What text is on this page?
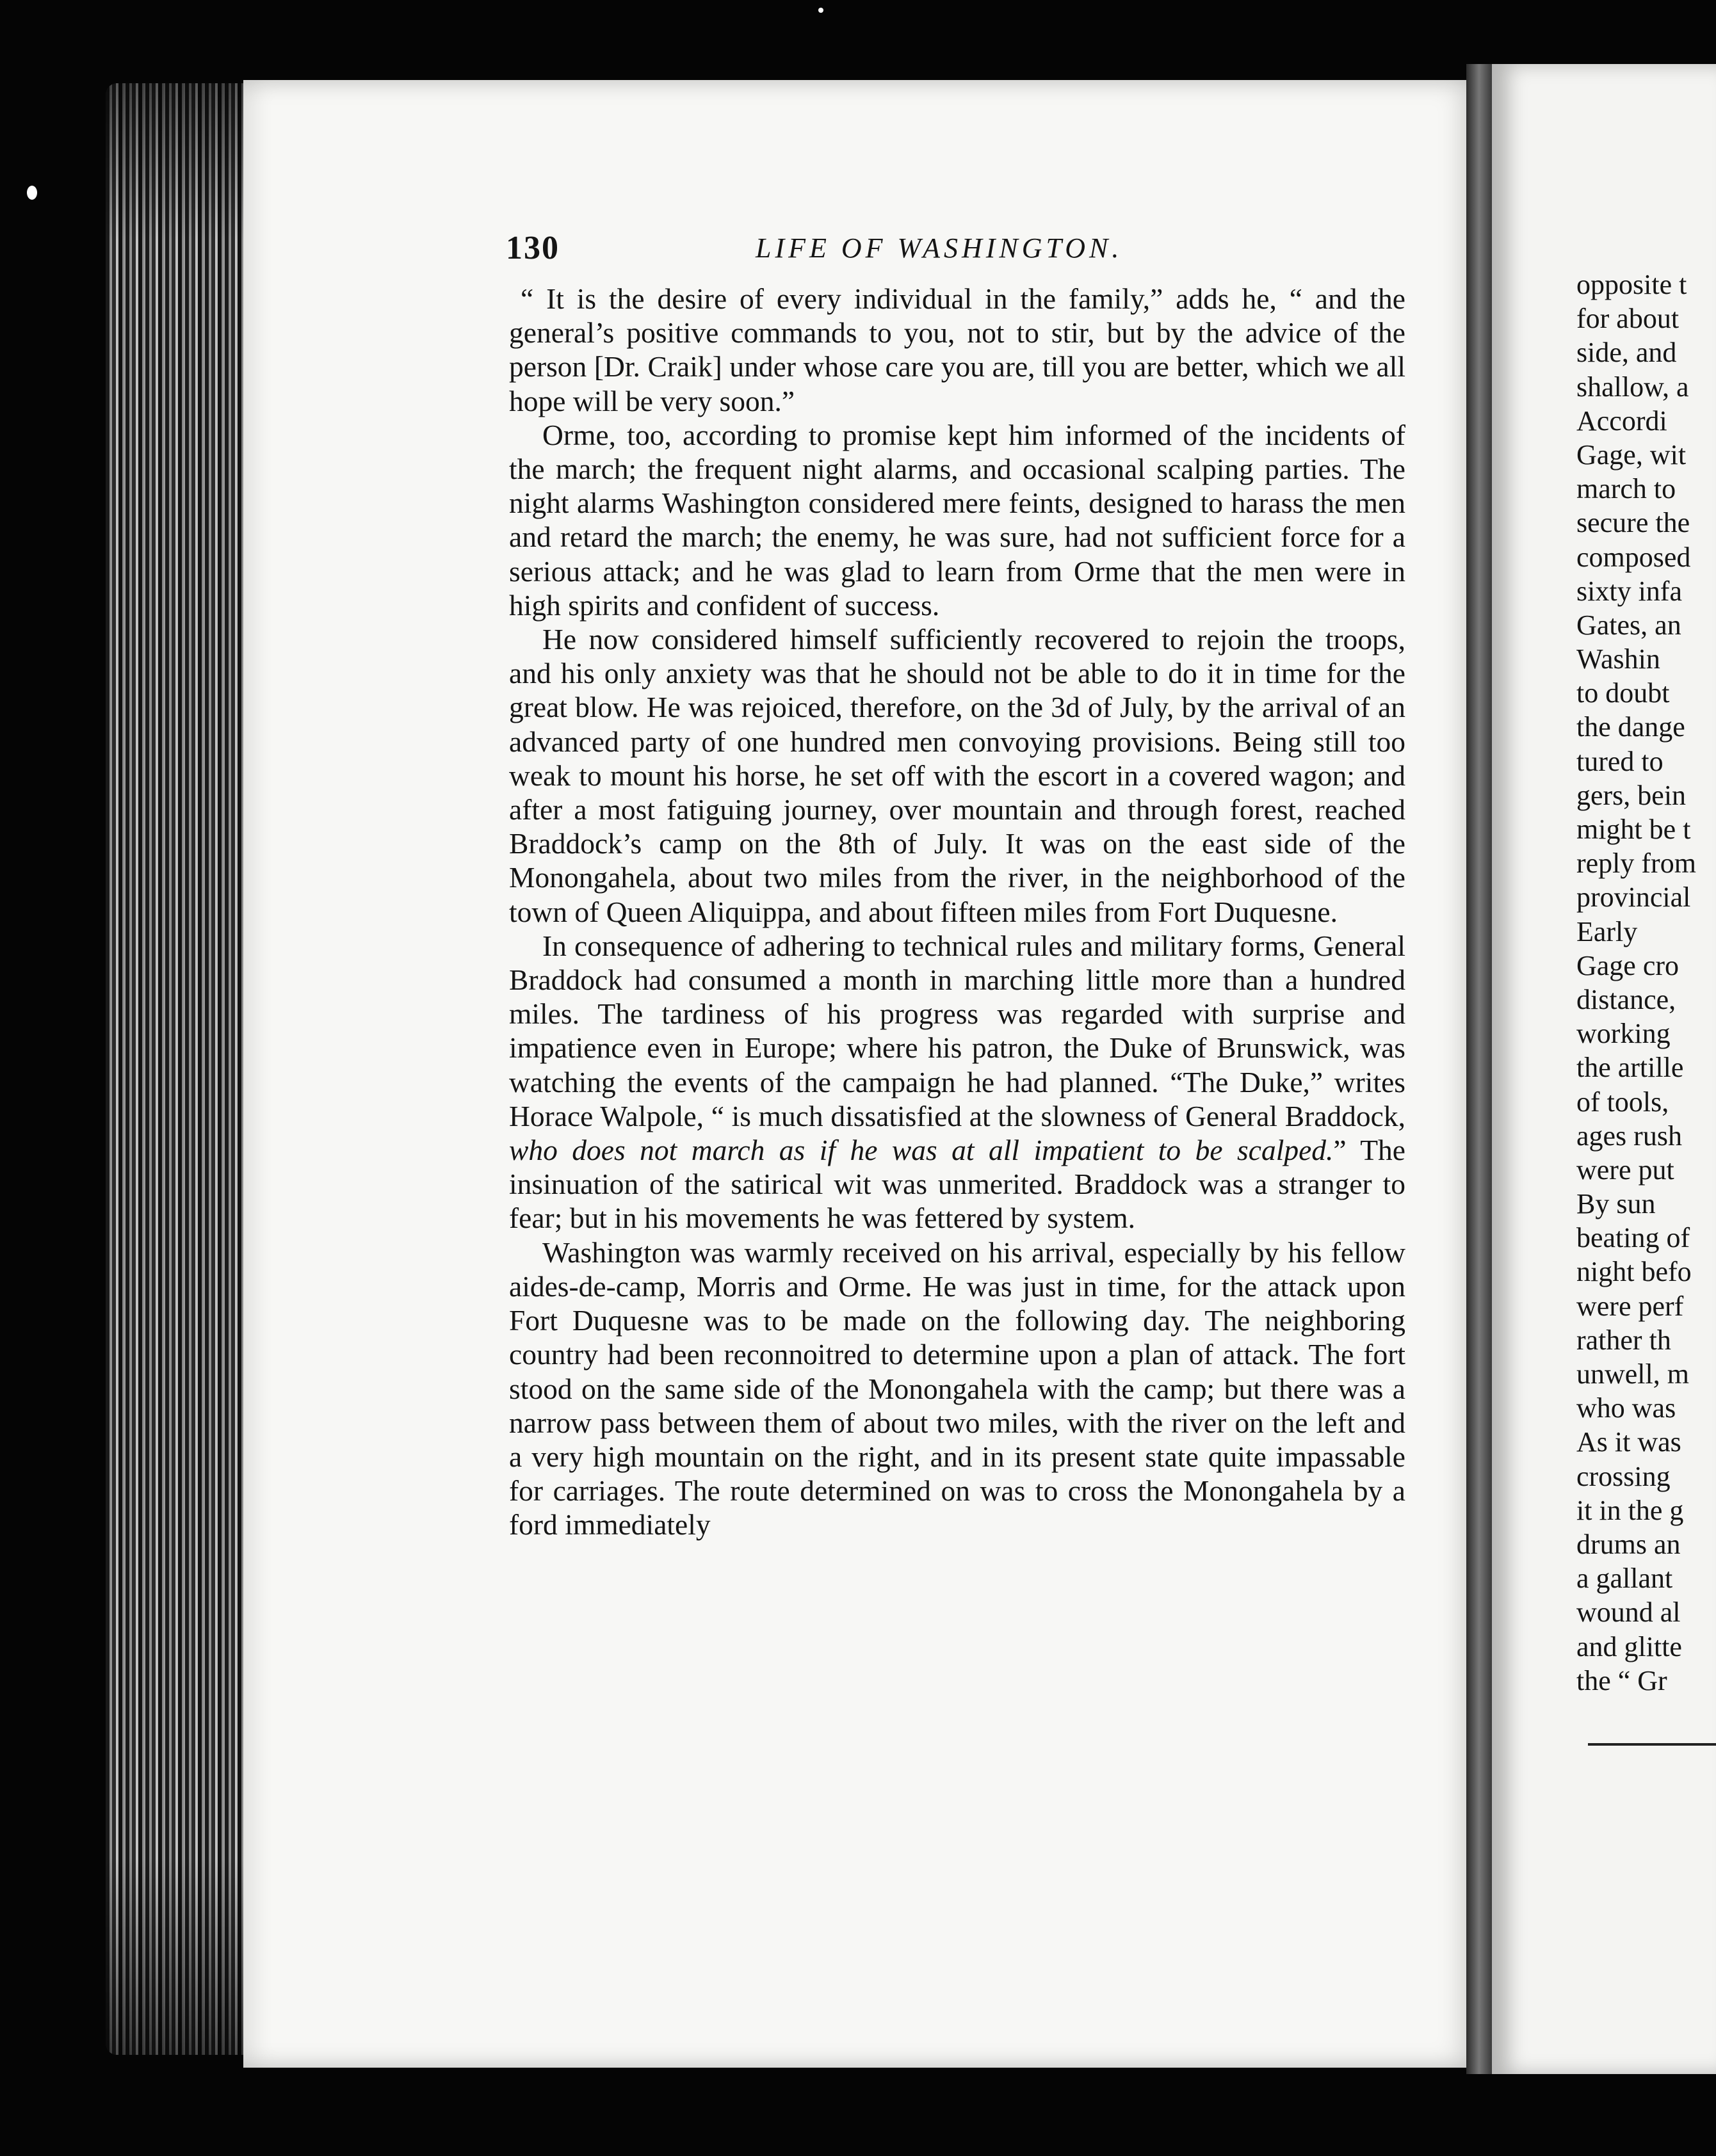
130	LIFE OF WASHINGTON.

“ It is the desire of every individual in the family,” adds he, “ and the general’s positive commands to you, not to stir, but by the advice of the person [Dr. Craik] under whose care you are, till you are better, which we all hope will be very soon.”

Orme, too, according to promise kept him informed of the incidents of the march; the frequent night alarms, and occasional scalping parties. The night alarms Washington considered mere feints, designed to harass the men and retard the march; the enemy, he was sure, had not sufficient force for a serious attack; and he was glad to learn from Orme that the men were in high spirits and confident of success.

He now considered himself sufficiently recovered to rejoin the troops, and his only anxiety was that he should not be able to do it in time for the great blow. He was rejoiced, therefore, on the 3d of July, by the arrival of an advanced party of one hundred men convoying provisions. Being still too weak to mount his horse, he set off with the escort in a covered wagon; and after a most fatiguing journey, over mountain and through forest, reached Braddock’s camp on the 8th of July. It was on the east side of the Monongahela, about two miles from the river, in the neighborhood of the town of Queen Aliquippa, and about fifteen miles from Fort Duquesne.

In consequence of adhering to technical rules and military forms, General Braddock had consumed a month in marching little more than a hundred miles. The tardiness of his progress was regarded with surprise and impatience even in Europe; where his patron, the Duke of Brunswick, was watching the events of the campaign he had planned. “The Duke,” writes Horace Walpole, “ is much dissatisfied at the slowness of General Braddock, who does not march as if he was at all impatient to be scalped.” The insinuation of the satirical wit was unmerited. Braddock was a stranger to fear; but in his movements he was fettered by system.

Washington was warmly received on his arrival, especially by his fellow aides-de-camp, Morris and Orme. He was just in time, for the attack upon Fort Duquesne was to be made on the following day. The neighboring country had been reconnoitred to determine upon a plan of attack. The fort stood on the same side of the Monongahela with the camp; but there was a narrow pass between them of about two miles, with the river on the left and a very high mountain on the right, and in its present state quite impassable for carriages. The route determined on was to cross the Monongahela by a ford immediately

opposite t
for about
side, and
shallow, a
Accordi
Gage, wit
march to
secure the
composed
sixty infa
Gates, an
Washin
to doubt
the dange
tured to
gers, bein
might be t
reply from
provincial
Early
Gage cro
distance,
working
the artille
of tools,
ages rush
were put
By sun
beating of
night befo
were perf
rather th
unwell, m
who was
As it was
crossing
it in the g
drums an
a gallant
wound al
and glitte
the “ Gr
